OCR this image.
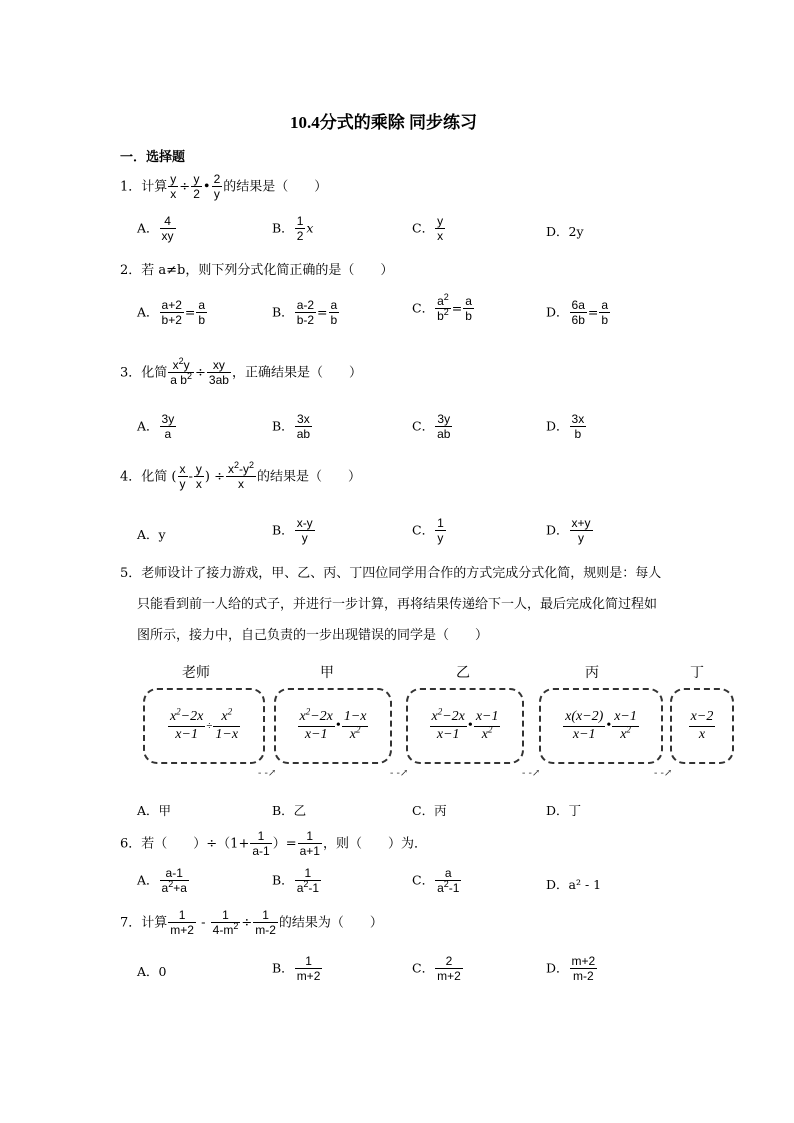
10.4分式的乘除 同步练习
一．选择题
1．计算 $\frac{y}{x} \div \frac{y}{2}$ • $\frac{2}{y}$ 的结果是（　　）
A． $\frac{4}{xy}$	B． $\frac{1}{2}$ x	C． $\frac{y}{x}$	D．2y
2．若 a≠b，则下列分式化简正确的是（　　）
A． $\frac{a+2}{b+2} = \frac{a}{b}$	B． $\frac{a-2}{b-2} = \frac{a}{b}$	C． $\frac{a^2}{b^2} = \frac{a}{b}$	D． $\frac{6a}{6b} = \frac{a}{b}$
3．化简 $\frac{x^2y}{a b^2} \div \frac{xy}{3ab}$ ，正确结果是（　　）
A． $\frac{3y}{a}$	B． $\frac{3x}{ab}$	C． $\frac{3y}{ab}$	D． $\frac{3x}{b}$
4．化简 ( $\frac{x}{y} - \frac{y}{x}$ ) ÷ $\frac{x^2-y^2}{x}$ 的结果是（　　）
A．y	B． $\frac{x-y}{y}$	C． $\frac{1}{y}$	D． $\frac{x+y}{y}$
5．老师设计了接力游戏，甲、乙、丙、丁四位同学用合作的方式完成分式化简，规则是：每人
只能看到前一人给的式子，并进行一步计算，再将结果传递给下一人，最后完成化简过程如
图所示，接力中，自己负责的一步出现错误的同学是（　　）
老师	甲	乙	丙	丁
$\frac{x^2-2x}{x-1} \div \frac{x^2}{1-x}$	$\frac{x^2-2x}{x-1}$ • $\frac{1-x}{x^2}$	$\frac{x^2-2x}{x-1}$ • $\frac{x-1}{x^2}$	$\frac{x(x-2)}{x-1}$ • $\frac{x-1}{x^2}$	$\frac{x-2}{x}$
- -↗	- -↗	- -↗	- -↗
A．甲	B．乙	C．丙	D．丁
6．若（　　）$\div(1+ \frac{1}{a-1}$ ）= $\frac{1}{a+1}$ ，则（　　）为．
A． $\frac{a-1}{a^2+a}$	B． $\frac{1}{a^2-1}$	C． $\frac{a}{a^2-1}$	D．a² - 1
7．计算 $\frac{1}{m+2} - \frac{1}{4-m^2} \div \frac{1}{m-2}$ 的结果为（　　）
A．0	B． $\frac{1}{m+2}$	C． $\frac{2}{m+2}$	D． $\frac{m+2}{m-2}$
